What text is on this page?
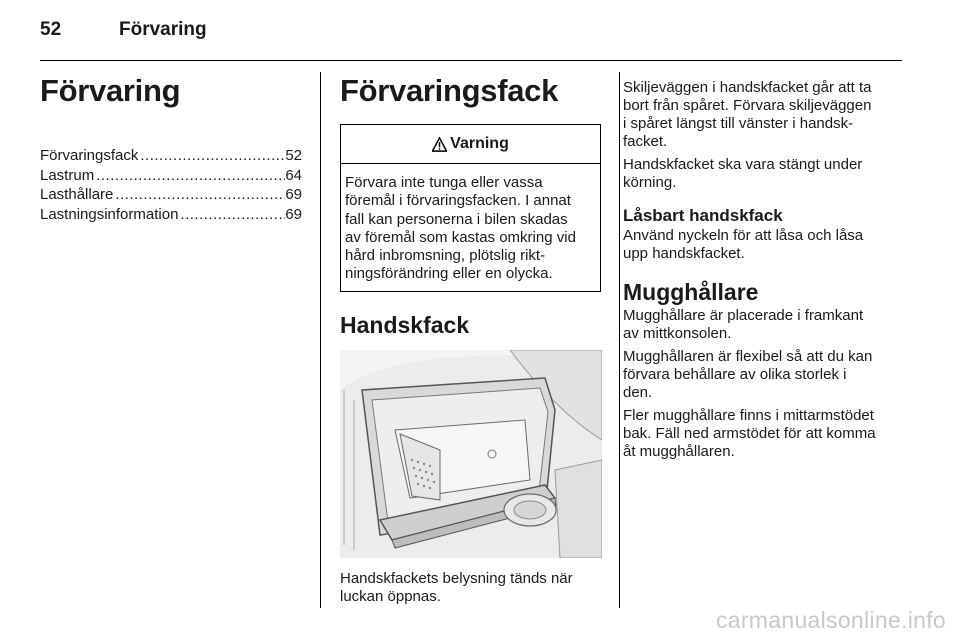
52	Förvaring
Förvaring
Förvaringsfack .....	52
Lastrum .....	64
Lasthållare .....	69
Lastningsinformation .....	69
Förvaringsfack
Varning
Förvara inte tunga eller vassa
föremål i förvaringsfacken. I annat
fall kan personerna i bilen skadas
av föremål som kastas omkring vid
hård inbromsning, plötslig rikt-
ningsförändring eller en olycka.
Handskfack

Handskfackets belysning tänds när

luckan öppnas.

Skiljeväggen i handskfacket går att ta

bort från spåret. Förvara skiljeväggen

i spåret längst till vänster i handsk-

facket.

Handskfacket ska vara stängt under

körning.

Låsbart handskfack

Använd nyckeln för att låsa och låsa

upp handskfacket.

Mugghållare

Mugghållare är placerade i framkant

av mittkonsolen.

Mugghållaren är flexibel så att du kan

förvara behållare av olika storlek i

den.

Fler mugghållare finns i mittarmstödet

bak. Fäll ned armstödet för att komma

åt mugghållaren.

carmanualsonline.info
